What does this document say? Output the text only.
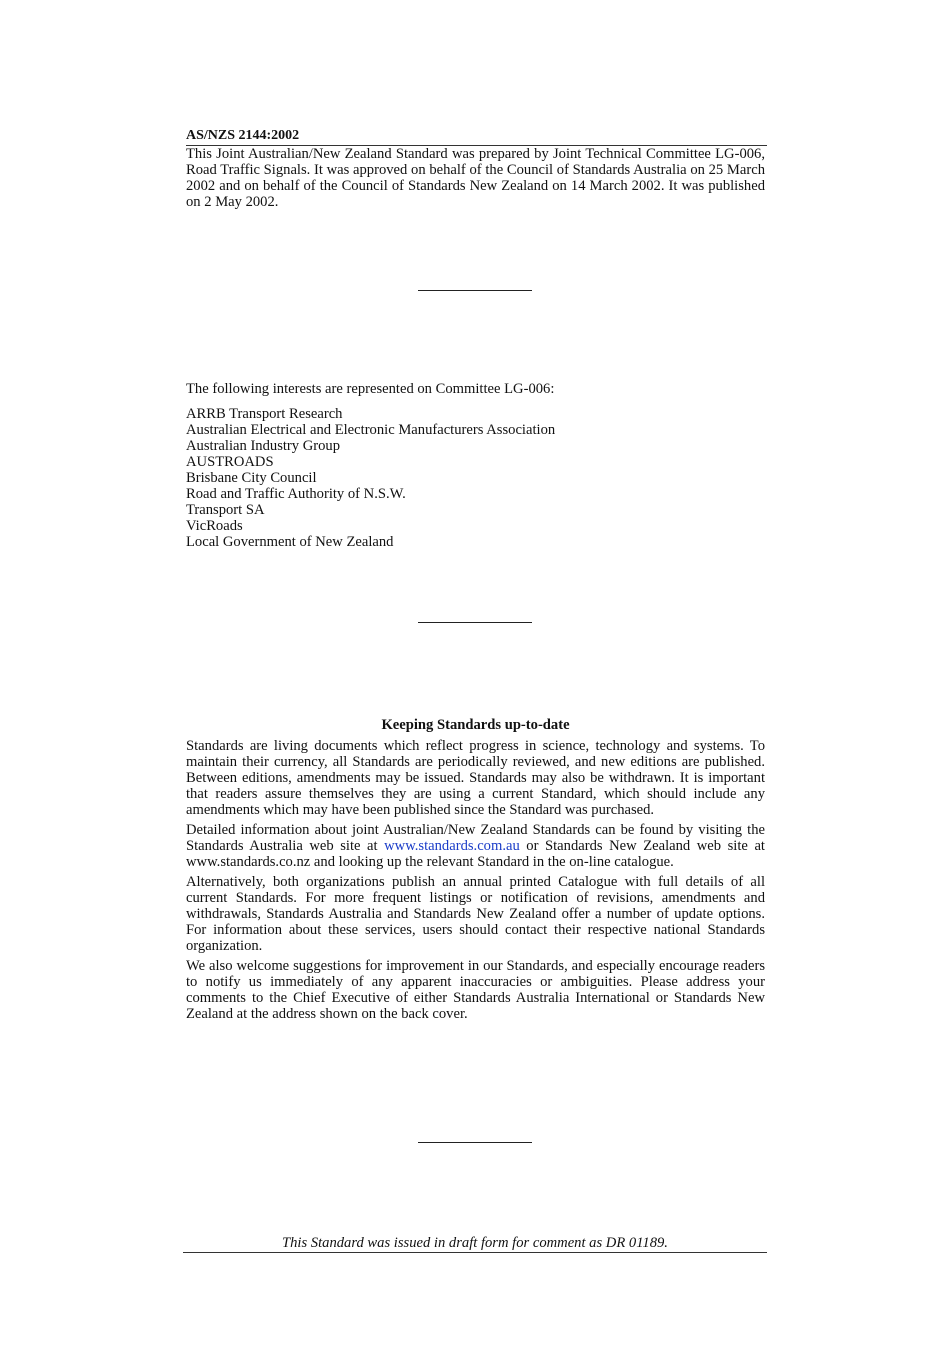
AS/NZS 2144:2002
This Joint Australian/New Zealand Standard was prepared by Joint Technical Committee LG-006, Road Traffic Signals. It was approved on behalf of the Council of Standards Australia on 25 March 2002 and on behalf of the Council of Standards New Zealand on 14 March 2002. It was published on 2 May 2002.
The following interests are represented on Committee LG-006:
ARRB Transport Research
Australian Electrical and Electronic Manufacturers Association
Australian Industry Group
AUSTROADS
Brisbane City Council
Road and Traffic Authority of N.S.W.
Transport SA
VicRoads
Local Government of New Zealand
Keeping Standards up-to-date

Standards are living documents which reflect progress in science, technology and systems. To maintain their currency, all Standards are periodically reviewed, and new editions are published. Between editions, amendments may be issued. Standards may also be withdrawn. It is important that readers assure themselves they are using a current Standard, which should include any amendments which may have been published since the Standard was purchased.

Detailed information about joint Australian/New Zealand Standards can be found by visiting the Standards Australia web site at www.standards.com.au or Standards New Zealand web site at www.standards.co.nz and looking up the relevant Standard in the on-line catalogue.

Alternatively, both organizations publish an annual printed Catalogue with full details of all current Standards. For more frequent listings or notification of revisions, amendments and withdrawals, Standards Australia and Standards New Zealand offer a number of update options. For information about these services, users should contact their respective national Standards organization.

We also welcome suggestions for improvement in our Standards, and especially encourage readers to notify us immediately of any apparent inaccuracies or ambiguities. Please address your comments to the Chief Executive of either Standards Australia International or Standards New Zealand at the address shown on the back cover.

This Standard was issued in draft form for comment as DR 01189.
